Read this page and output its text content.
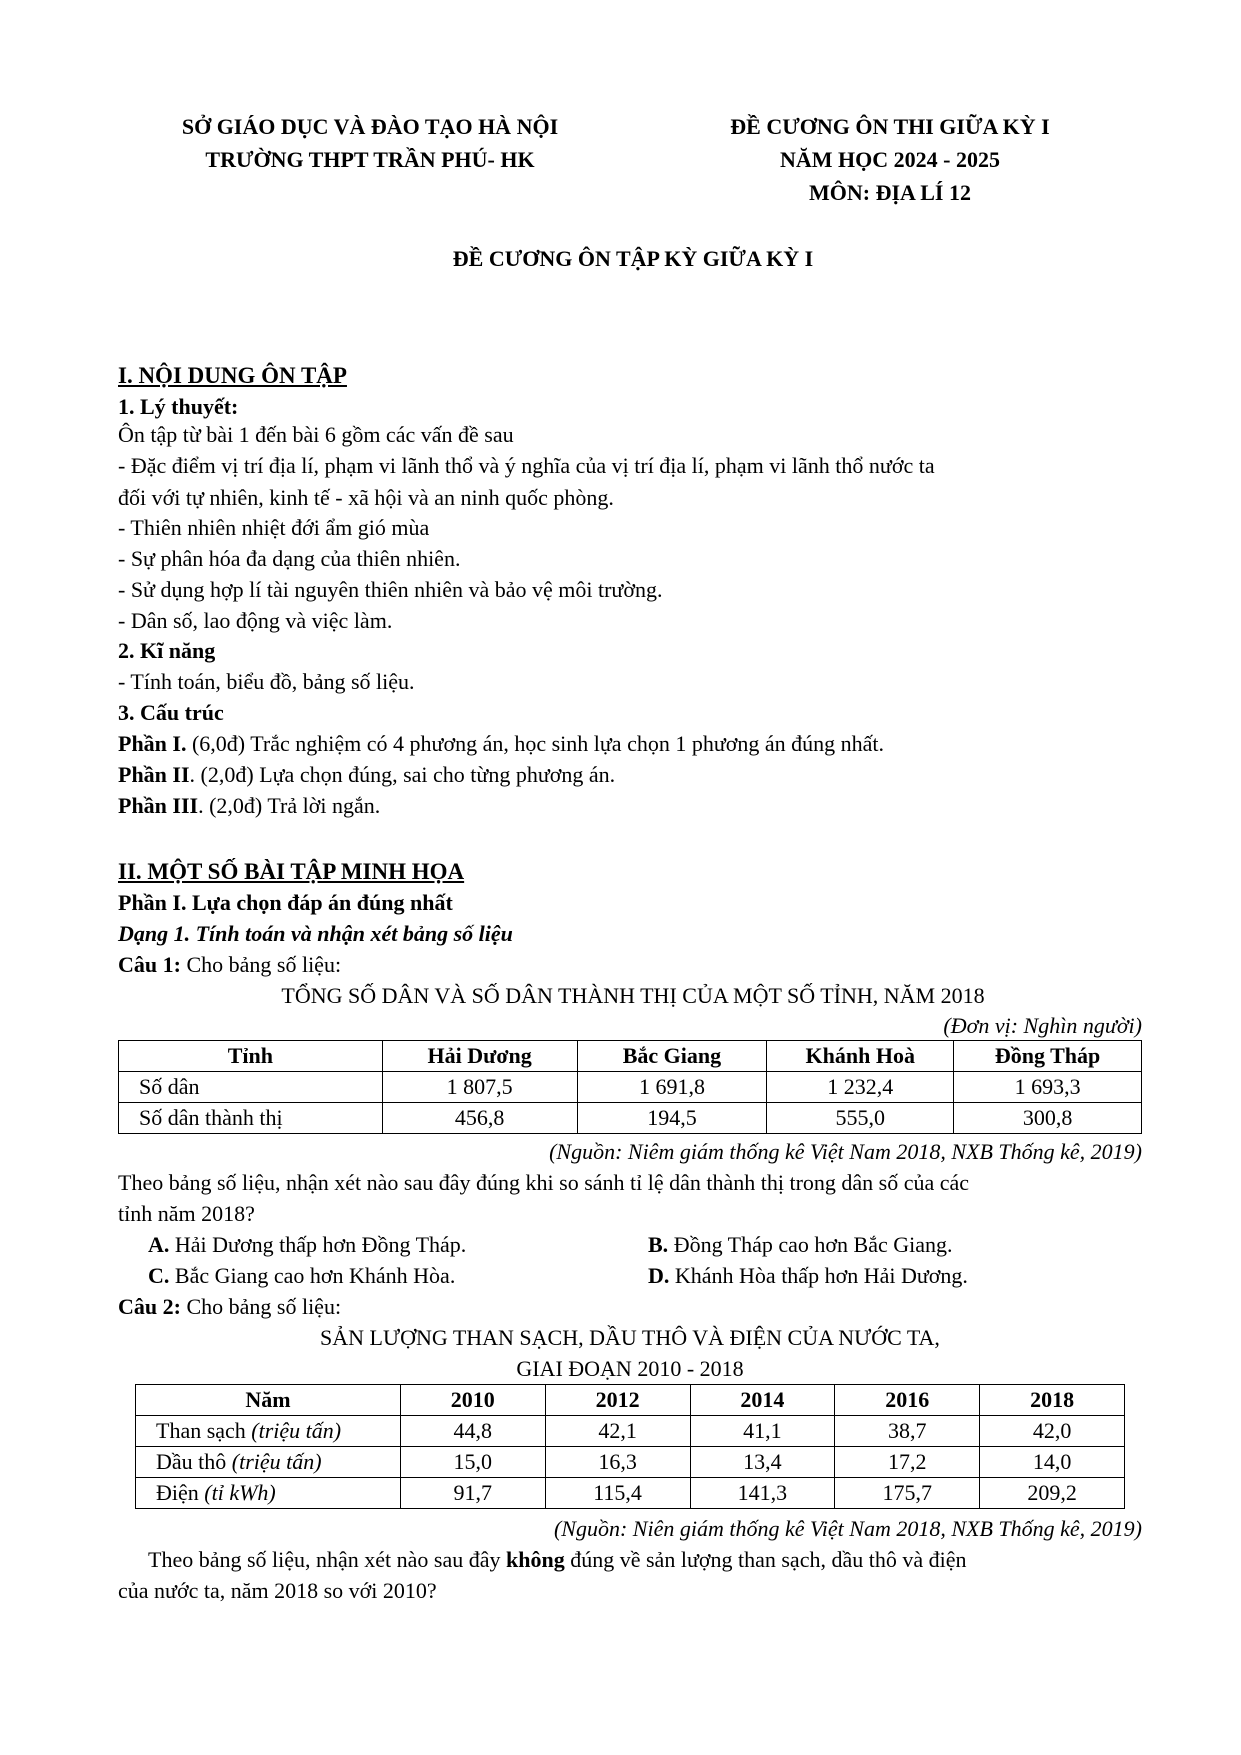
SỞ GIÁO DỤC VÀ ĐÀO TẠO HÀ NỘI
TRƯỜNG THPT TRẦN PHÚ- HK
ĐỀ CƯƠNG ÔN THI GIỮA KỲ I
NĂM HỌC 2024 - 2025
MÔN: ĐỊA LÍ 12
ĐỀ CƯƠNG ÔN TẬP KỲ GIỮA KỲ I
I. NỘI DUNG ÔN TẬP
1. Lý thuyết:
Ôn tập từ bài 1 đến bài 6 gồm các vấn đề sau
- Đặc điểm vị trí địa lí, phạm vi lãnh thổ và ý nghĩa của vị trí địa lí, phạm vi lãnh thổ nước ta
đối với tự nhiên, kinh tế - xã hội và an ninh quốc phòng.
- Thiên nhiên nhiệt đới ẩm gió mùa
- Sự phân hóa đa dạng của thiên nhiên.
- Sử dụng hợp lí tài nguyên thiên nhiên và bảo vệ môi trường.
- Dân số, lao động và việc làm.
2. Kĩ năng
- Tính toán, biểu đồ, bảng số liệu.
3. Cấu trúc
Phần I. (6,0đ) Trắc nghiệm có 4 phương án, học sinh lựa chọn 1 phương án đúng nhất.
Phần II. (2,0đ) Lựa chọn đúng, sai cho từng phương án.
Phần III. (2,0đ) Trả lời ngắn.
II. MỘT SỐ BÀI TẬP MINH HỌA
Phần I. Lựa chọn đáp án đúng nhất
Dạng 1. Tính toán và nhận xét bảng số liệu
Câu 1: Cho bảng số liệu:
TỔNG SỐ DÂN VÀ SỐ DÂN THÀNH THỊ CỦA MỘT SỐ TỈNH, NĂM 2018
(Đơn vị: Nghìn người)
Tỉnh	Hải Dương	Bắc Giang	Khánh Hoà	Đồng Tháp
Số dân	1 807,5	1 691,8	1 232,4	1 693,3
Số dân thành thị	456,8	194,5	555,0	300,8
(Nguồn: Niêm giám thống kê Việt Nam 2018, NXB Thống kê, 2019)
Theo bảng số liệu, nhận xét nào sau đây đúng khi so sánh tỉ lệ dân thành thị trong dân số của các
tỉnh năm 2018?
A. Hải Dương thấp hơn Đồng Tháp.	B. Đồng Tháp cao hơn Bắc Giang.
C. Bắc Giang cao hơn Khánh Hòa.	D. Khánh Hòa thấp hơn Hải Dương.
Câu 2: Cho bảng số liệu:
SẢN LƯỢNG THAN SẠCH, DẦU THÔ VÀ ĐIỆN CỦA NƯỚC TA,
GIAI ĐOẠN 2010 - 2018
Năm	2010	2012	2014	2016	2018
Than sạch (triệu tấn)	44,8	42,1	41,1	38,7	42,0
Dầu thô (triệu tấn)	15,0	16,3	13,4	17,2	14,0
Điện (tỉ kWh)	91,7	115,4	141,3	175,7	209,2
(Nguồn: Niên giám thống kê Việt Nam 2018, NXB Thống kê, 2019)
Theo bảng số liệu, nhận xét nào sau đây không đúng về sản lượng than sạch, dầu thô và điện
của nước ta, năm 2018 so với 2010?
